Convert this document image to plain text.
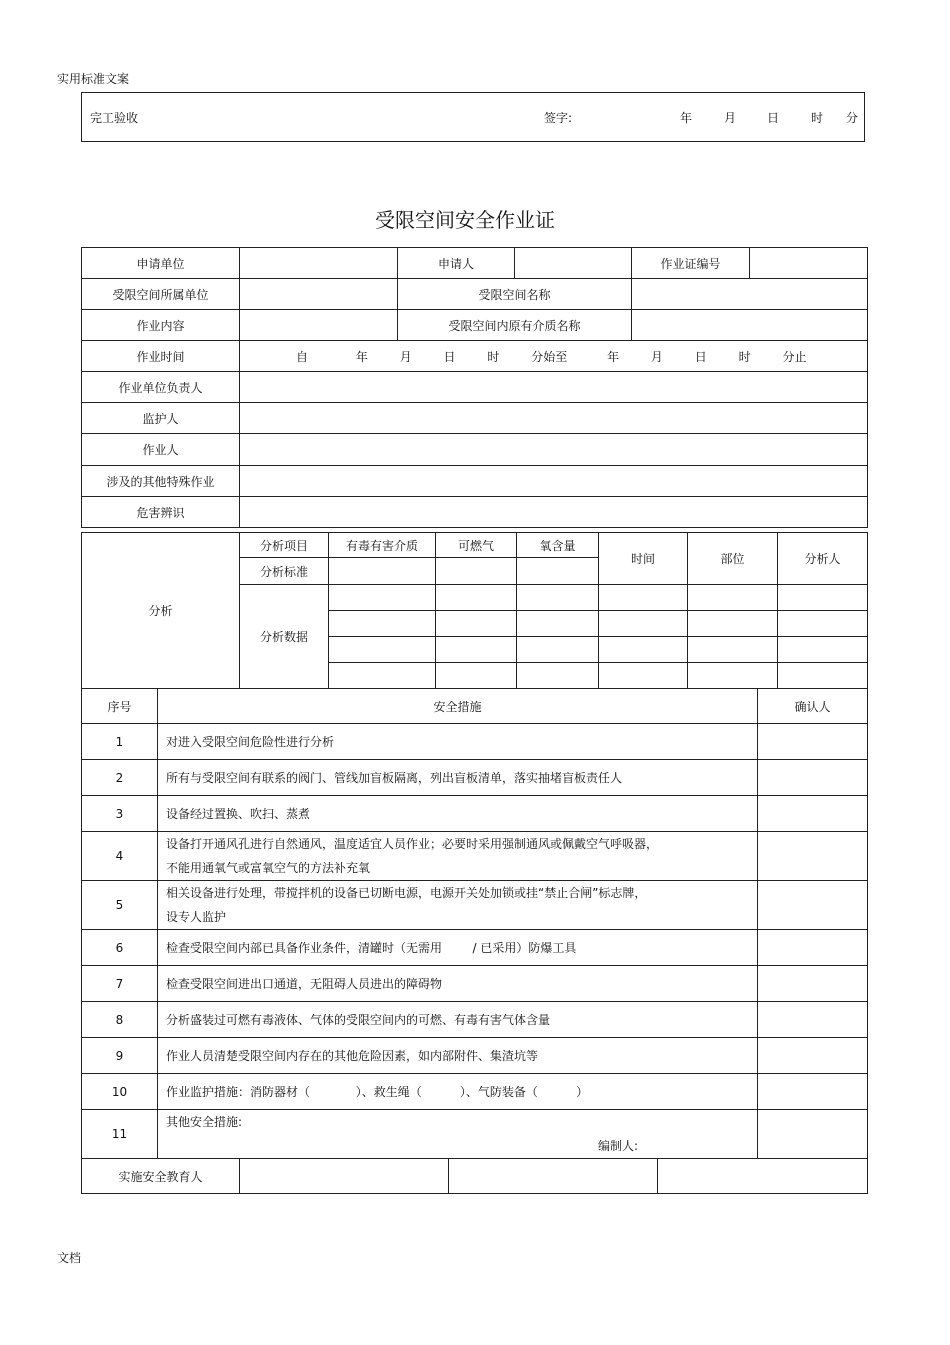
实用标准文案
完工验收	签字:	年	月	日	时 分
受限空间安全作业证
申请单位		申请人		作业证编号	
受限空间所属单位		受限空间名称			
作业内容		受限空间内原有介质名称			
作业时间	自 年 月 日 时 分始至 年 月 日 时 分止				
作业单位负责人					
监护人					
作业人					
涉及的其他特殊作业					
危害辨识					
分析	分析项目	有毒有害介质	可燃气	氧含量	时间	部位	分析人
	分析标准						
	分析数据						

序号	安全措施				确认人
1	对进入受限空间危险性进行分析				
2	所有与受限空间有联系的阀门、管线加盲板隔离，列出盲板清单，落实抽堵盲板责任人				
3	设备经过置换、吹扫、蒸煮				
4	设备打开通风孔进行自然通风，温度适宜人员作业；必要时采用强制通风或佩戴空气呼吸器，
不能用通氧气或富氧空气的方法补充氧				

5	相关设备进行处理，带搅拌机的设备已切断电源，电源开关处加锁或挂“禁止合闸”标志牌，
设专人监护				

6	检查受限空间内部已具备作业条件，清罐时（无需用        / 已采用）防爆工具				
7	检查受限空间进出口通道，无阻碍人员进出的障碍物				
8	分析盛装过可燃有毒液体、气体的受限空间内的可燃、有毒有害气体含量				
9	作业人员清楚受限空间内存在的其他危险因素，如内部附件、集渣坑等				
10	作业监护措施：消防器材（            ）、救生绳（          ）、气防装备（          ）				
11	其他安全措施:
编制人:				

实施安全教育人					
文档
